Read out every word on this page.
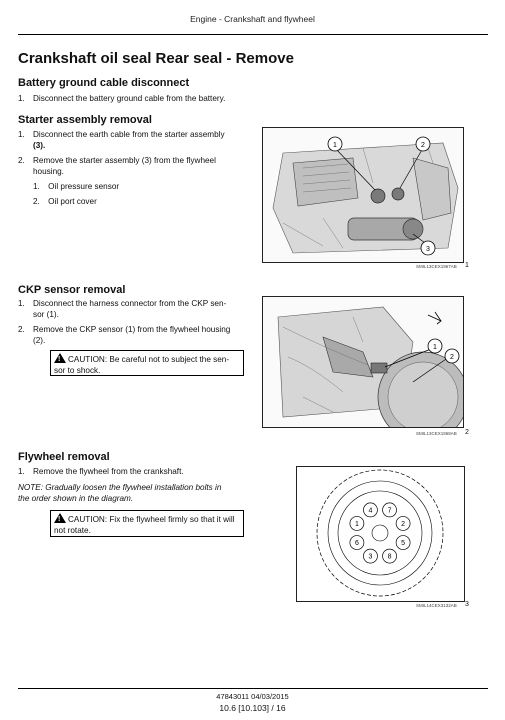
Engine - Crankshaft and flywheel
Crankshaft oil seal Rear seal - Remove
Battery ground cable disconnect
1. Disconnect the battery ground cable from the battery.
Starter assembly removal
1. Disconnect the earth cable from the starter assembly
(3).
2. Remove the starter assembly (3) from the flywheel
housing.
1. Oil pressure sensor
2. Oil port cover
1	2
3
SMIL13CEX1967AB 1
CKP sensor removal
1. Disconnect the harness connector from the CKP sen-
sor (1).
2. Remove the CKP sensor (1) from the flywheel housing
(2).
!CAUTION: Be careful not to subject the sen-
sor to shock.
1
2
SMIL13CEX1968AB 2
Flywheel removal
1. Remove the flywheel from the crankshaft.
NOTE: Gradually loosen the flywheel installation bolts in
the order shown in the diagram.
!CAUTION: Fix the flywheel firmly so that it will
not rotate.
4 7
2
5
8
3
6
1
SMIL14CEX3132AB 3
47843011 04/03/2015
10.6 [10.103] / 16
